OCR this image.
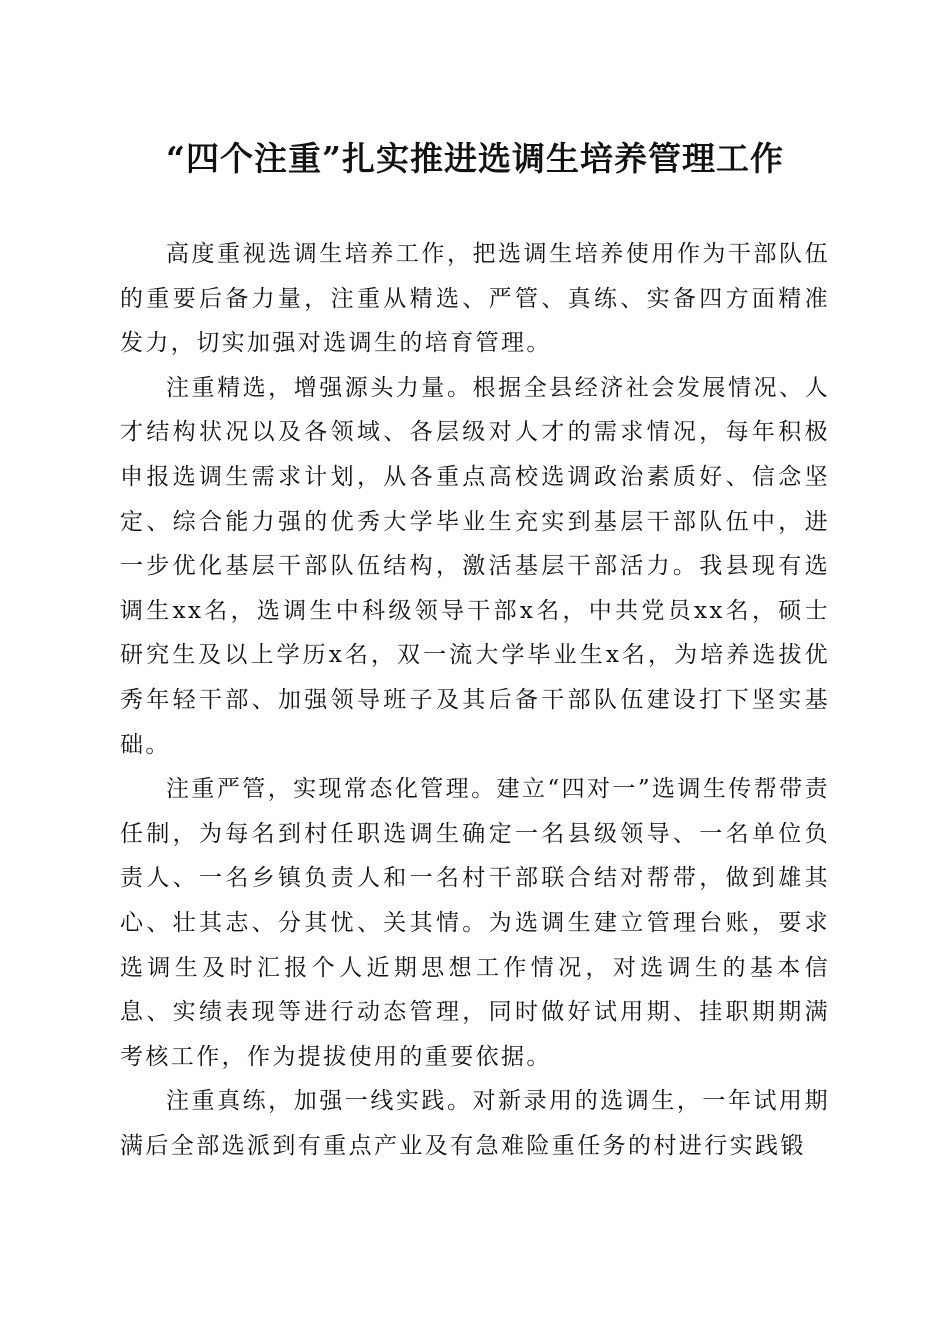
“四个注重”扎实推进选调生培养管理工作

高度重视选调生培养工作，把选调生培养使用作为干部队伍的重要后备力量，注重从精选、严管、真练、实备四方面精准发力，切实加强对选调生的培育管理。

注重精选，增强源头力量。根据全县经济社会发展情况、人才结构状况以及各领域、各层级对人才的需求情况，每年积极申报选调生需求计划，从各重点高校选调政治素质好、信念坚定、综合能力强的优秀大学毕业生充实到基层干部队伍中，进一步优化基层干部队伍结构，激活基层干部活力。我县现有选调生xx名，选调生中科级领导干部x名，中共党员xx名，硕士研究生及以上学历x名，双一流大学毕业生x名，为培养选拔优秀年轻干部、加强领导班子及其后备干部队伍建设打下坚实基础。

注重严管，实现常态化管理。建立“四对一”选调生传帮带责任制，为每名到村任职选调生确定一名县级领导、一名单位负责人、一名乡镇负责人和一名村干部联合结对帮带，做到雄其心、壮其志、分其忧、关其情。为选调生建立管理台账，要求选调生及时汇报个人近期思想工作情况，对选调生的基本信息、实绩表现等进行动态管理，同时做好试用期、挂职期期满考核工作，作为提拔使用的重要依据。

注重真练，加强一线实践。对新录用的选调生，一年试用期满后全部选派到有重点产业及有急难险重任务的村进行实践锻
